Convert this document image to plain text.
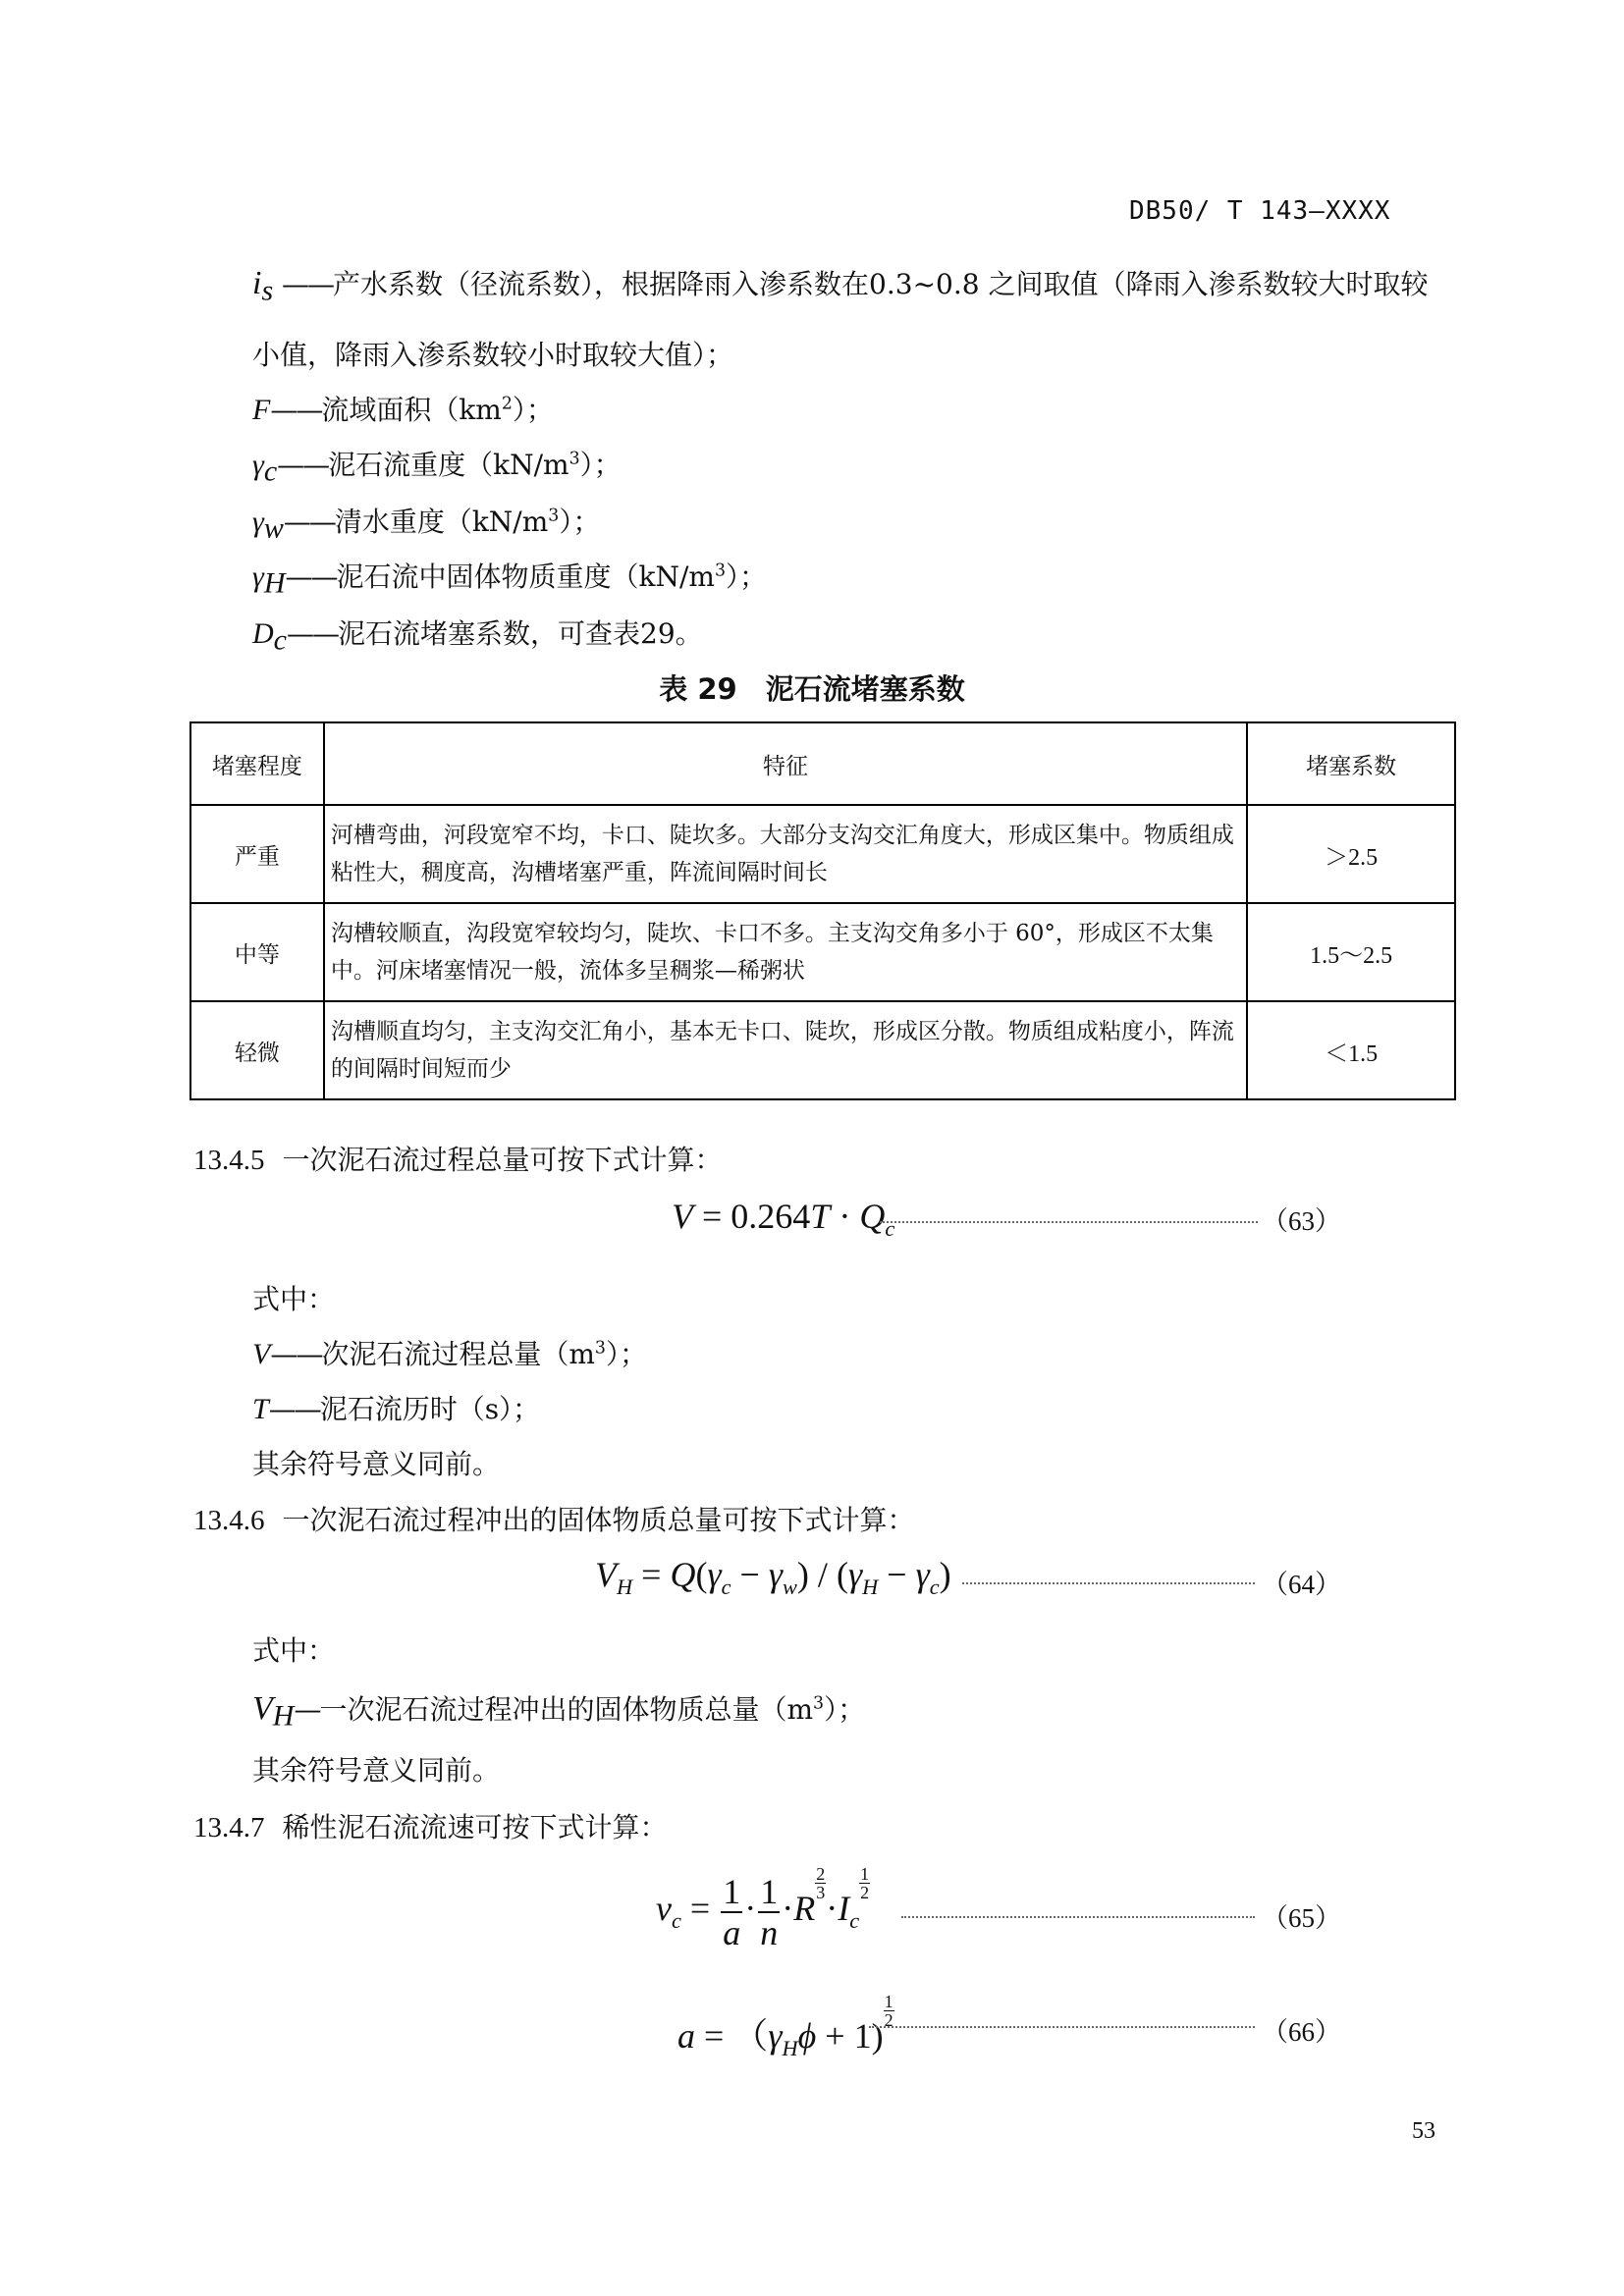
DB50/ T 143—XXXX
$i_s$ ——产水系数（径流系数），根据降雨入渗系数在0.3~0.8 之间取值（降雨入渗系数较大时取较
小值，降雨入渗系数较小时取较大值）；
F——流域面积$(km^2)$；
$\gamma_c——$泥石流重度$(kN/m^3)$；
$\gamma_w——$清水重度$(kN/m^3)$；
$\gamma_H——$泥石流中固体物质重度$(kN/m^3)$；
$D_c——$泥石流堵塞系数，可查表29。
表 29　泥石流堵塞系数
堵塞程度	特征	堵塞系数
严重	河槽弯曲，河段宽窄不均，卡口、陡坎多。大部分支沟交汇角度大，形成区集中。物质组成粘性大，稠度高，沟槽堵塞严重，阵流间隔时间长	＞2.5
中等	沟槽较顺直，沟段宽窄较均匀，陡坎、卡口不多。主支沟交角多小于 60°，形成区不太集中。河床堵塞情况一般，流体多呈稠浆—稀粥状	1.5～2.5
轻微	沟槽顺直均匀，主支沟交汇角小，基本无卡口、陡坎，形成区分散。物质组成粘度小，阵流的间隔时间短而少	＜1.5
13.4.5 一次泥石流过程总量可按下式计算：
$V = 0.264T \cdot Q_c$	（63）
式中：
V——次泥石流过程总量$(m^3)$；
T——泥石流历时（s）；
其余符号意义同前。
13.4.6 一次泥石流过程冲出的固体物质总量可按下式计算：
$V_H = Q(\gamma_c - \gamma_w) / (\gamma_H - \gamma_c)$	（64）
式中：
$V_H—$一次泥石流过程冲出的固体物质总量$(m^3)$；
其余符号意义同前。
13.4.7 稀性泥石流流速可按下式计算：
$v_c = \frac{1}{a} \cdot \frac{1}{n} \cdot R$
$\frac{2}{3}$
$\cdot I_c$
$\frac{1}{2}$
（65）
$a = (\gamma_H\phi + 1)$
$\frac{1}{2}$
（66）
53
